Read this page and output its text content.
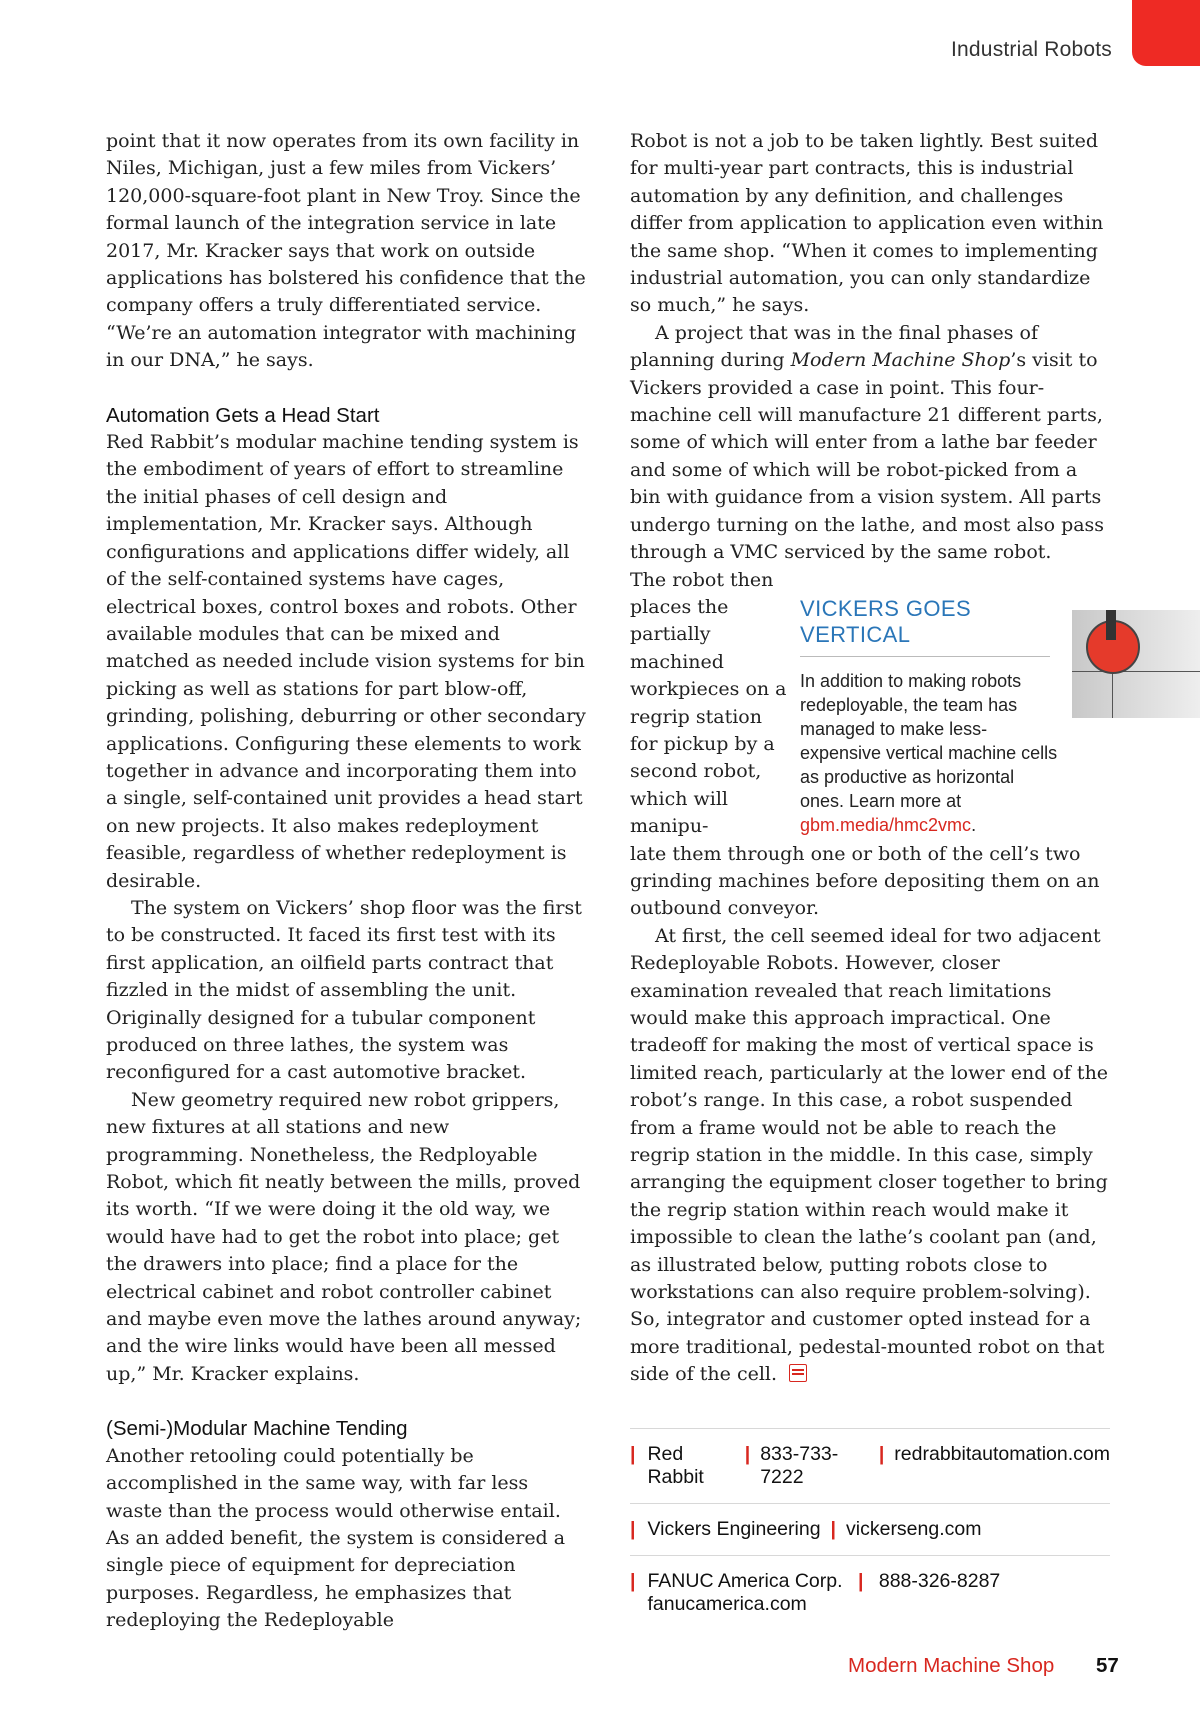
Industrial Robots

point that it now operates from its own facility in Niles, Michigan, just a few miles from Vickers’ 120,000-square-foot plant in New Troy. Since the formal launch of the integration service in late 2017, Mr. Kracker says that work on outside applications has bolstered his confidence that the company offers a truly differentiated service. “We’re an automation integrator with machining in our DNA,” he says.

Automation Gets a Head Start

Red Rabbit’s modular machine tending system is the embodiment of years of effort to streamline the initial phases of cell design and implementation, Mr. Kracker says. Although configurations and applications differ widely, all of the self-contained systems have cages, electrical boxes, control boxes and robots. Other available modules that can be mixed and matched as needed include vision systems for bin picking as well as stations for part blow-off, grinding, polishing, deburring or other secondary applications. Configuring these elements to work together in advance and incorporating them into a single, self-contained unit provides a head start on new projects. It also makes redeployment feasible, regardless of whether redeployment is desirable.

The system on Vickers’ shop floor was the first to be constructed. It faced its first test with its first application, an oilfield parts contract that fizzled in the midst of assembling the unit. Originally designed for a tubular component produced on three lathes, the system was reconfigured for a cast automotive bracket.

New geometry required new robot grippers, new fixtures at all stations and new programming. Nonetheless, the Redployable Robot, which fit neatly between the mills, proved its worth. “If we were doing it the old way, we would have had to get the robot into place; get the drawers into place; find a place for the electrical cabinet and robot controller cabinet and maybe even move the lathes around anyway; and the wire links would have been all messed up,” Mr. Kracker explains.

(Semi-)Modular Machine Tending

Another retooling could potentially be accomplished in the same way, with far less waste than the process would otherwise entail. As an added benefit, the system is considered a single piece of equipment for depreciation purposes. Regardless, he emphasizes that redeploying the Redeployable

Robot is not a job to be taken lightly. Best suited for multi-year part contracts, this is industrial automation by any definition, and challenges differ from application to application even within the same shop. “When it comes to implementing industrial automation, you can only standardize so much,” he says.

A project that was in the final phases of planning during Modern Machine Shop’s visit to Vickers provided a case in point. This four-machine cell will manufacture 21 different parts, some of which will enter from a lathe bar feeder and some of which will be robot-picked from a bin with guidance from a vision system. All parts undergo turning on the lathe, and most also pass through a VMC serviced by the same robot.

The robot then places the partially machined workpieces on a regrip station for pickup by a second robot, which will manipu-

late them through one or both of the cell’s two grinding machines before depositing them on an outbound conveyor.

At first, the cell seemed ideal for two adjacent Redeployable Robots. However, closer examination revealed that reach limitations would make this approach impractical. One tradeoff for making the most of vertical space is limited reach, particularly at the lower end of the robot’s range. In this case, a robot suspended from a frame would not be able to reach the regrip station in the middle. In this case, simply arranging the equipment closer together to bring the regrip station within reach would make it impossible to clean the lathe’s coolant pan (and, as illustrated below, putting robots close to workstations can also require problem-solving). So, integrator and customer opted instead for a more traditional, pedestal-mounted robot on that side of the cell.

VICKERS GOES VERTICAL
In addition to making robots redeployable, the team has managed to make less-expensive vertical machine cells as productive as horizontal ones. Learn more at gbm.media/hmc2vmc.
| Red Rabbit
| 833-733-7222
| redrabbitautomation.com
| Vickers Engineering | vickerseng.com
| FANUC America Corp. | 888-326-8287
fanucamerica.com
Modern Machine Shop 57
